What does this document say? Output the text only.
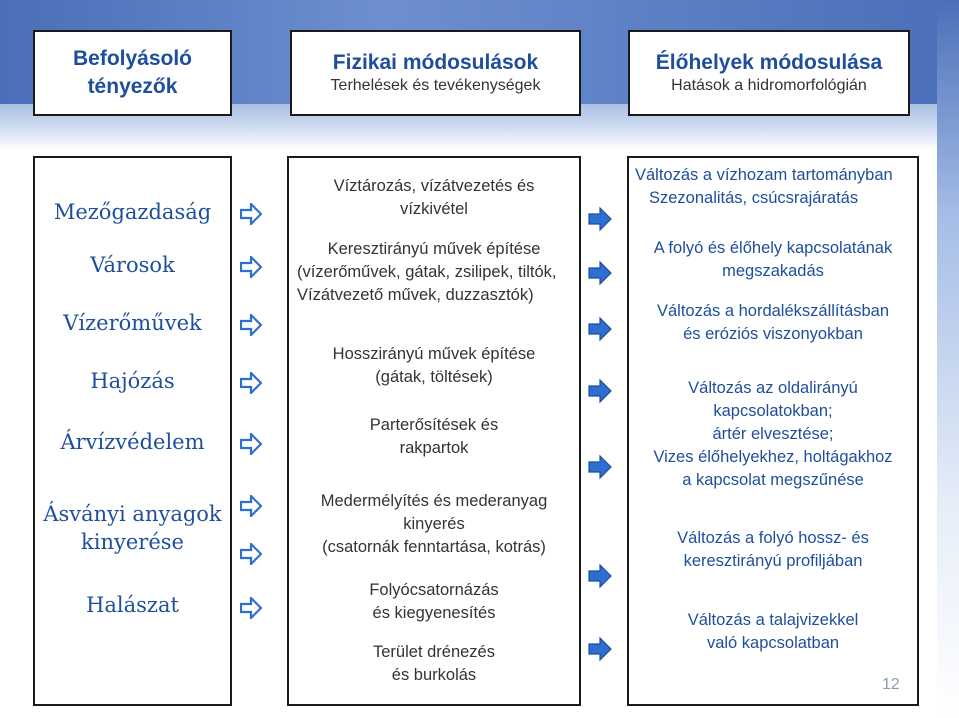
Befolyásoló
tényezők
Fizikai módosulások
Terhelések és tevékenységek
Élőhelyek módosulása
Hatások a hidromorfológián
Mezőgazdaság
Városok
Vízerőművek
Hajózás
Árvízvédelem
Ásványi anyagok
kinyerése
Halászat
Víztározás, vízátvezetés és
vízkivétel
Keresztirányú művek építése
(vízerőművek, gátak, zsilipek, tiltók,
Vízátvezető művek, duzzasztók)
Hosszirányú művek építése
(gátak, töltések)
Parterősítések és
rakpartok
Medermélyítés és mederanyag
kinyerés
(csatornák fenntartása, kotrás)
Folyócsatornázás
és kiegyenesítés
Terület drénezés
és burkolás
Változás a vízhozam tartományban
Szezonalitás, csúcsrajáratás
A folyó és élőhely kapcsolatának
megszakadás
Változás a hordalékszállításban
és eróziós viszonyokban
Változás az oldalirányú
kapcsolatokban;
ártér elvesztése;
Vizes élőhelyekhez, holtágakhoz
a kapcsolat megszűnése
Változás a folyó hossz- és
keresztirányú profiljában
Változás a talajvizekkel
való kapcsolatban
12
